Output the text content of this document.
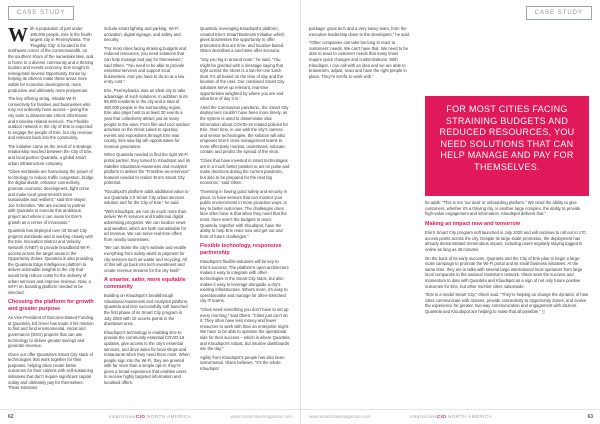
CASE STUDY

With a population of just under 100,000 people, Erie is the fourth largest city in Pennsylvania. The 'Flagship City' is located in the northwest corner of the commonwealth, on the southern shore of the namesake lake, and is home to a diverse community and a thriving tourism and events economy. Erie sought to reinvigorate several Opportunity Zones by helping its citizens make these areas more viable for economic development, more productive and ultimately more prosperous.

The key offering string, reliable Wi-Fi connectivity for families and businesses who may not ordinarily have access – giving the city tools to disseminate critical information and monetise related services. The Flexible outdoor network in the city of Erie is expected to engage the people of Erie, but city revenue and relevant back into the community.

The initiative came as the result of a strategic relationship reached between the City of Erie, and local partner Quantela, a global smart urban infrastructure company.

“Cities worldwide are harnessing the power of technology to reduce traffic congestion, bridge the digital divide, enhance connectivity, promote economic development, fight crime and make local governments more sustainable and resilient,” said Erie Mayor, Joe Schember. “We are excited to partner with Quantela to execute this ambitious project and where it can mean for Erie’s growth as a center of innovation.”

Quantela has deployed over 40 Smart City projects worldwide and is working closely with the Erie Innovation District and Velocity Network (VNET) to provide broadband Wi-Fi access across the target areas in the Opportunity Zones. Quantela is also providing the Quantela Edge Intelligence platform to deliver actionable insights to the city that would help reduce costs for the delivery of urban services and improve revenue. Now, a Wi-Fi on boarding platform needed to be selected.

Choosing the platform for growth and greater purpose

As Vice President of Outcome-Based Funding at Quantela, Ed Greer has made it his mission to find and fund environmental, social and governance (ESG) projects that can use technology to deliver greater savings and generate revenue.

Given our offer Quantela’s Smart City stack of technologies that work together for their purposes, helping cities create better outcomes for their citizens with self-sustaining initiatives that don’t require significant capital outlay and ultimately pay for themselves. These solutions

include smart lighting and parking, Wi-Fi activation, digital signage, and safety and security.

“For most cities facing straining budgets and reduced resources, you need solutions that can help manage and pay for themselves,” said Olsen. “You need to be able to provide essential services and support local businesses. And you have to do so at a low entry cost.”

Erie, Pennsylvania, was an ideal city to take advantage of such solutions. In addition to its 98,000 residents in the city and a total of 460,000 people in the surrounding region, Erie also plays host to at least 30 events a year that collectively attract just as many people to the area. From film and cool outdoor activities on the Great Lakes to sporting events and expositions through Erie was county, Erie saw big wifi opportunities for revenue generation.

When Quantela needed to find the right Wi-Fi portal partner, they turned to Kloudspot and its Satellite Situational Awareness and Analytics platform to deliver the “Frontline-as-a-Service” features needed to realize Erie’s Smart City potential.

“Kloudspot’s platform adds additional value to our Quantela 2.0 Smart City urban services solution and for the City of Erie,” he said.

“With Kloudspot, we can do much more than deliver Wi-Fi services and traditional digital advertising programs. We can localize news and weather, which are both monetisable for ad revenue. We can serve real-time offers from nearby businesses.

“We can trickle the city’s website and enable everything from safety alerts to payment for city services such as waste and recycling. All of this will go back into tech investment and create revenue streams for the city itself.”

A smarter, safer, more equitable community

Building on Kloudspot’s breakthrough Situational Awareness and Analytics platform, Quantela and Erie successfully soft launched the first phase of its Smart City program in July 2020 with 10 access points in the downtown area.

Kloudspot’s technology is enabling Erie to provide the community essential COVID-19 updates, give access to the city’s essential services, and drive sales for local shops and restaurants when they need them most. When people sign into the Wi-Fi, they are greeted with far more than a simple opt-in; they’re given a broad experience that enables users to receive highly targeted information and localised offers.

Quantela, leveraging Kloudspot’s platform, created Erie’s Smart Business Initiative which gives businesses the opportunity to offer promotions that are time- and location-based. Olsen describes a lunchtime offer scenario:

“Say you log in around noon,” he said. “You might be greeted with a message saying that right across the street is a two-for-one lunch deal. It’s all based on the time of day and the location of the user. Our combined Smart City solutions serve up relevant, real-time opportunities weighted by where you are and what time of day it is.”

Amid the Coronavirus pandemic, the Smart City deployment couldn’t have been more timely, as the system is used to disseminate vital information about COVID-19 related policies for Erie. Over time, in use with the city’s camera and sensor technologies, the solution will also empower Erie’s crisis management teams to more effectively monitor, understand, educate, contain and predict the spread of the virus.

“Cities that have invested in smart technologies are in a much better position to act on pulse and make decisions during the current pandemic, but also to be prepared for the next big economic,” said Olsen.

“Investing in having good safety and security in place, to have sensors that can monitor your public environments in more proactive ways, is key to better outcomes. The challenges cities face often have is that when they need that the most, there aren’t the budgets to react. Quantela, together with Kloudspot, have the ability to help Erie react now and get out and front of future challenges.”

Flexible technology, responsive partnership

Kloudspot’s flexible solutions will be key to Erie’s success. The platform’s open architecture makes it easy to integrate with other technologies in the Smart City stack, but also makes it easy to leverage alongside a city’s existing infrastructure. What’s more, it’s easy to operationalise and manage for often-stretched city IT teams.

“Cities need something you don’t have to set up every morning,” said Olsen. “Cities just can’t do it. They often have less money and fewer resources to work with than an enterprise might. We have to be able to optimise the operational side for their success – which is where Quantela and Kloudspot’s robust, but intuitive dashboards win the day.”

Agility from Kloudspot’s people has also been instrumental. Olsen believes. “It’s the whole Kloudspot

62	smartcitiesCIO NORTH AMERICA	www.smartcitiesmagazine.com
CASE STUDY

package: great tech and a very savvy team, from the executive leadership down to the developers,” he said.

“Other companies can take too long to react to customers’ needs. We can’t have that. We need to be able to react to customer needs that many times require quick changes and customizations. With Kloudspot, I can call with an idea and we are able to brainstorm, adjust, react and have the right people in place. They’re terrific to work with.”

he adds: “This is not ‘our deal’ or onboarding platform.” We need the ability to give customers, whether it’s a thriving city or another large complex, the ability to provide high-value engagement and information. Kloudspot delivers that.”

Making an impact now and tomorrow

Erie’s Smart City program soft launched in July 2020 and will continue to roll out to 170 access points across the city. Despite its large-scale promotion, the deployment has already demonstrated tremendous impact, including users regularly staying logged in online as long as 45 minutes.

On the back of its early success, Quantela and the City of Erie plan to begin a large-scale campaign to promote the Wi-Fi portal and its small business initiatives. At the same time, they are in talks with several large international local operators from large local companies to the national HostStar’s network. Olsen sees the success and momentum to date with Quantela and Kloudspot as a sign of not only future positive outcomes for Erie, but other mid-tier cities nationwide.

“Erie is a model Smart City,” Olsen said. “They’re helping us change the dynamic of how cities communicate with citizens, provide connectivity to Opportunity Zones, and evolve the experience for greater, two-way communication and engagement with citizens. Quantela and Kloudspot are helping to make that all possible.” ◻

www.smartcitiesmagazine.com	smartcitiesCIO NORTH AMERICA	63
FOR MOST CITIES FACING STRAINING BUDGETS AND REDUCED RESOURCES, YOU NEED SOLUTIONS THAT CAN HELP MANAGE AND PAY FOR THEMSELVES.
